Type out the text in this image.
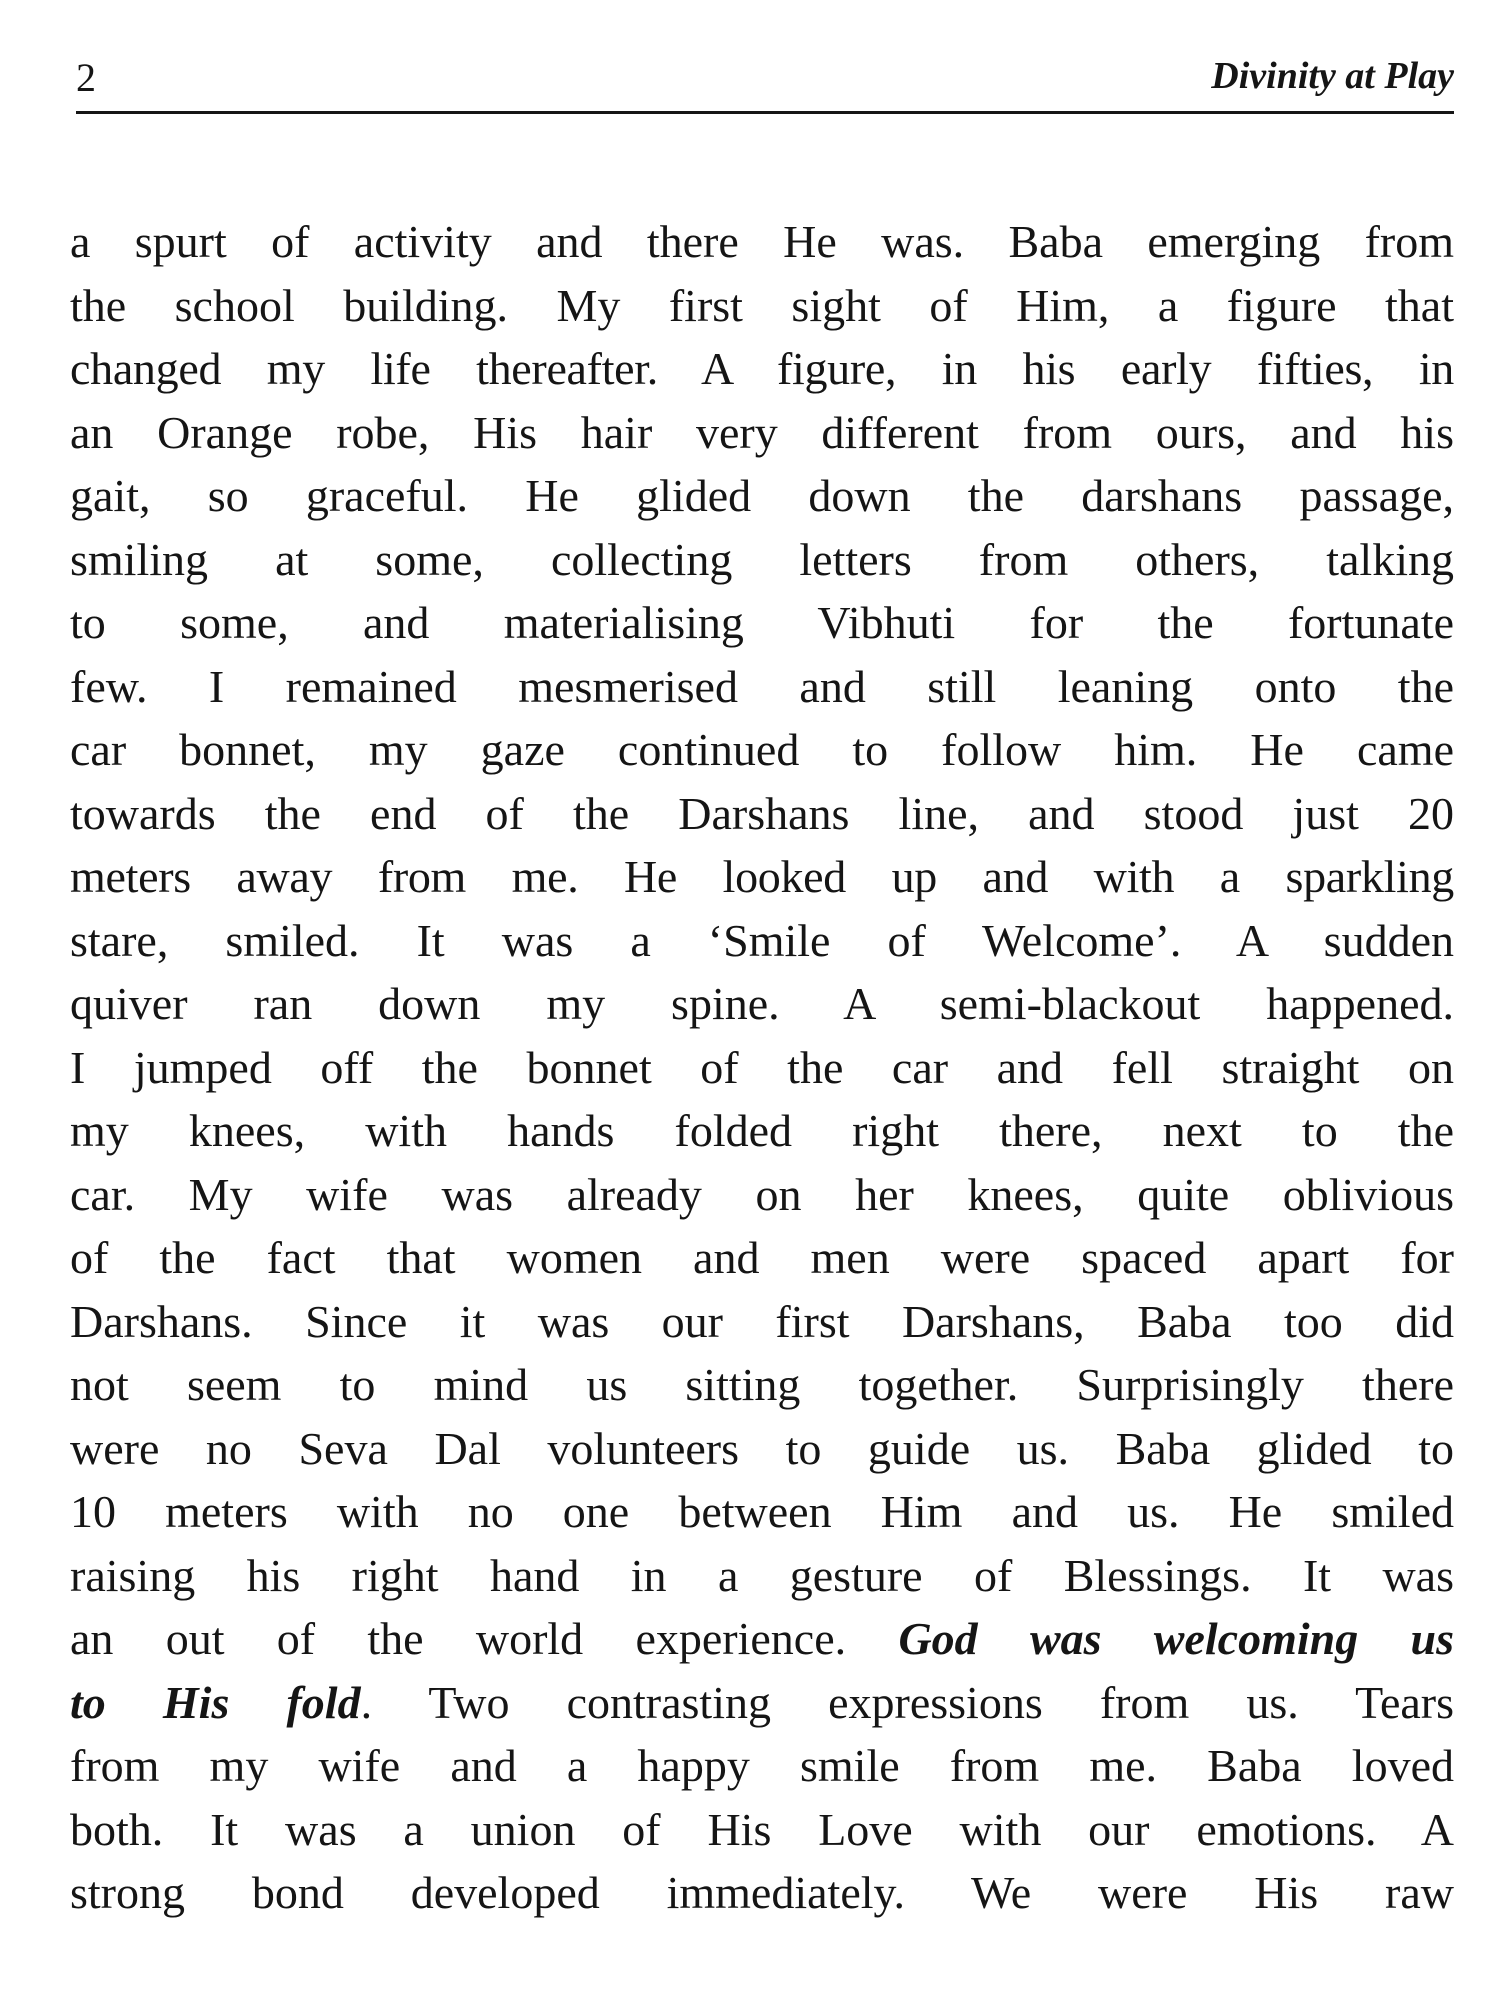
2	Divinity at Play
a spurt of activity and there He was. Baba emerging from
the school building. My first sight of Him, a figure that
changed my life thereafter. A figure, in his early fifties, in
an Orange robe, His hair very different from ours, and his
gait, so graceful. He glided down the darshans passage,
smiling at some, collecting letters from others, talking
to some, and materialising Vibhuti for the fortunate
few. I remained mesmerised and still leaning onto the
car bonnet, my gaze continued to follow him. He came
towards the end of the Darshans line, and stood just 20
meters away from me. He looked up and with a sparkling
stare, smiled. It was a ‘Smile of Welcome’. A sudden
quiver ran down my spine. A semi-blackout happened.
I jumped off the bonnet of the car and fell straight on
my knees, with hands folded right there, next to the
car. My wife was already on her knees, quite oblivious
of the fact that women and men were spaced apart for
Darshans. Since it was our first Darshans, Baba too did
not seem to mind us sitting together. Surprisingly there
were no Seva Dal volunteers to guide us. Baba glided to
10 meters with no one between Him and us. He smiled
raising his right hand in a gesture of Blessings. It was
an out of the world experience. God was welcoming us
to His fold. Two contrasting expressions from us. Tears
from my wife and a happy smile from me. Baba loved
both. It was a union of His Love with our emotions. A
strong bond developed immediately. We were His raw
